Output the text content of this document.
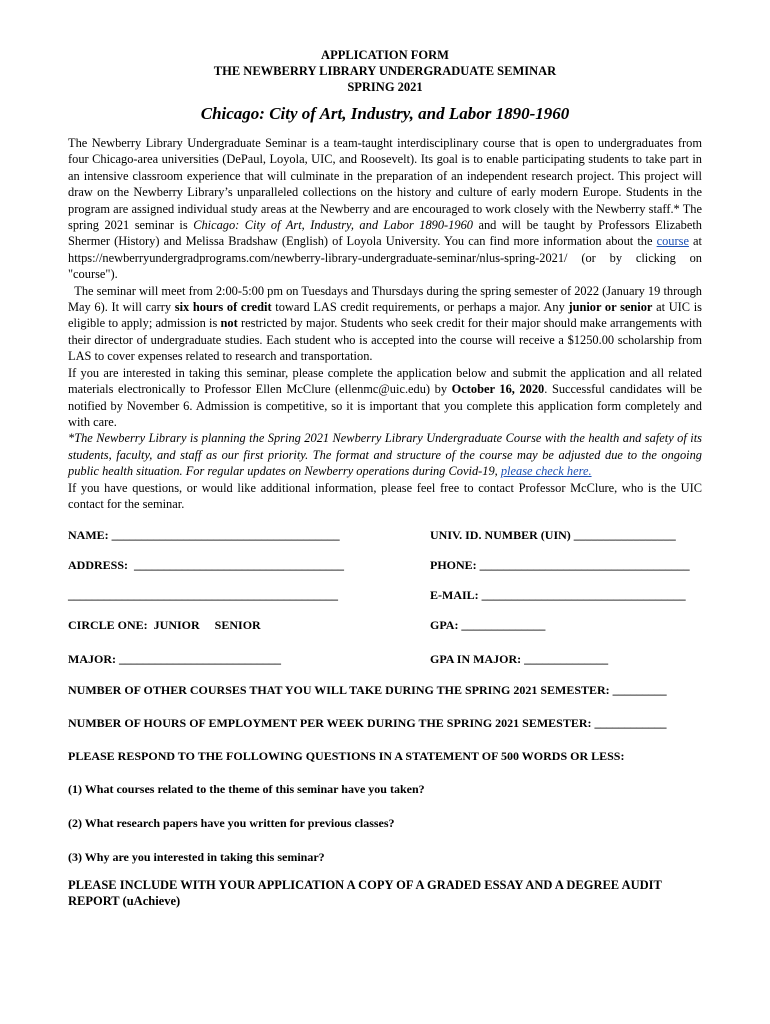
APPLICATION FORM
THE NEWBERRY LIBRARY UNDERGRADUATE SEMINAR
SPRING 2021
Chicago: City of Art, Industry, and Labor 1890-1960

The Newberry Library Undergraduate Seminar is a team-taught interdisciplinary course that is open to undergraduates from four Chicago-area universities (DePaul, Loyola, UIC, and Roosevelt). Its goal is to enable participating students to take part in an intensive classroom experience that will culminate in the preparation of an independent research project. This project will draw on the Newberry Library’s unparalleled collections on the history and culture of early modern Europe. Students in the program are assigned individual study areas at the Newberry and are encouraged to work closely with the Newberry staff.* The spring 2021 seminar is Chicago: City of Art, Industry, and Labor 1890-1960 and will be taught by Professors Elizabeth Shermer (History) and Melissa Bradshaw (English) of Loyola University. You can find more information about the course at https://newberryundergradprograms.com/newberry-library-undergraduate-seminar/nlus-spring-2021/ (or by clicking on "course").

The seminar will meet from 2:00-5:00 pm on Tuesdays and Thursdays during the spring semester of 2022 (January 19 through May 6). It will carry six hours of credit toward LAS credit requirements, or perhaps a major. Any junior or senior at UIC is eligible to apply; admission is not restricted by major. Students who seek credit for their major should make arrangements with their director of undergraduate studies. Each student who is accepted into the course will receive a $1250.00 scholarship from LAS to cover expenses related to research and transportation.

If you are interested in taking this seminar, please complete the application below and submit the application and all related materials electronically to Professor Ellen McClure (ellenmc@uic.edu) by October 16, 2020. Successful candidates will be notified by November 6. Admission is competitive, so it is important that you complete this application form completely and with care.

*The Newberry Library is planning the Spring 2021 Newberry Library Undergraduate Course with the health and safety of its students, faculty, and staff as our first priority. The format and structure of the course may be adjusted due to the ongoing public health situation. For regular updates on Newberry operations during Covid-19, please check here.

If you have questions, or would like additional information, please feel free to contact Professor McClure, who is the UIC contact for the seminar.

NAME: ______________________________________	UNIV. ID. NUMBER (UIN) _________________
ADDRESS:  ___________________________________	PHONE: ___________________________________
_____________________________________________	E-MAIL: __________________________________
CIRCLE ONE:  JUNIOR     SENIOR	GPA: ______________
MAJOR: ___________________________	GPA IN MAJOR: ______________
NUMBER OF OTHER COURSES THAT YOU WILL TAKE DURING THE SPRING 2021 SEMESTER: _________
NUMBER OF HOURS OF EMPLOYMENT PER WEEK DURING THE SPRING 2021 SEMESTER: ____________
PLEASE RESPOND TO THE FOLLOWING QUESTIONS IN A STATEMENT OF 500 WORDS OR LESS:
(1) What courses related to the theme of this seminar have you taken?
(2) What research papers have you written for previous classes?
(3) Why are you interested in taking this seminar?
PLEASE INCLUDE WITH YOUR APPLICATION A COPY OF A GRADED ESSAY AND A DEGREE AUDIT REPORT (uAchieve)
